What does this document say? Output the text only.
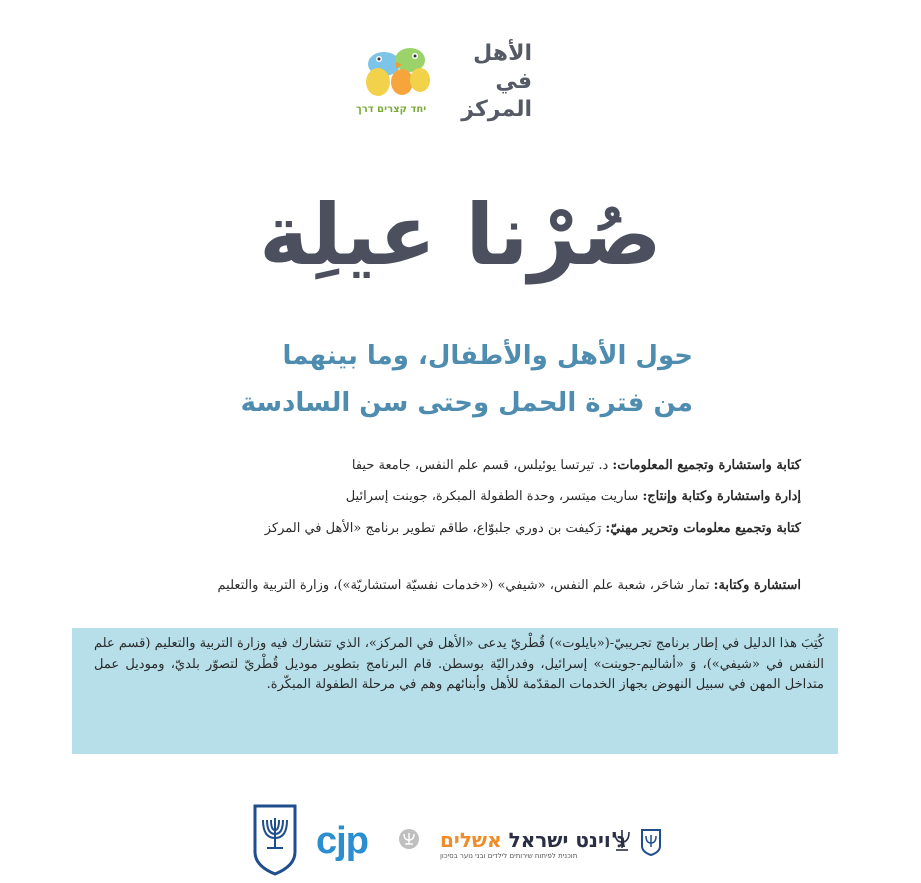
الأهل في
المركز
יחד קצרים דרך
صُرْنا عيلِة
حول الأهل والأطفال، وما بينهما
من فترة الحمل وحتى سن السادسة
كتابة واستشارة وتجميع المعلومات: د. تيرتسا يوئيلس، قسم علم النفس، جامعة حيفا
إدارة واستشارة وكتابة وإنتاج: ساريت ميتسر، وحدة الطفولة المبكرة، جوينت إسرائيل
كتابة وتجميع معلومات وتحرير مهنيّ: رَكيفت بن دوري جلبوّاع، طاقم تطوير برنامج «الأهل في المركز
استشارة وكتابة: تمار شاحَر، شعبة علم النفس، «شيفي» («خدمات نفسيّة استشاريّة»)، وزارة التربية والتعليم
كُتِبَ هذا الدليل في إطار برنامج تجريبيّ-(«بايلوت») قُطْريّ يدعى «الأهل في المركز»، الذي تتشارك فيه وزارة التربية والتعليم (قسم علم النفس في «شيفي»)، وَ «أشاليم-جوينت» إسرائيل، وفدراليّة بوسطن. قام البرنامج بتطوير موديل قُطْريّ لتصوّر بلديّ، وموديل عمل متداخل المهن في سبيل النهوض بجهاز الخدمات المقدّمة للأهل وأبنائهم وهم في مرحلة الطفولة المبكّرة.
cjp	ג'וינט ישראל אשלים
תוכנית לפיתוח שירותים לילדים ובני נוער בסיכון
